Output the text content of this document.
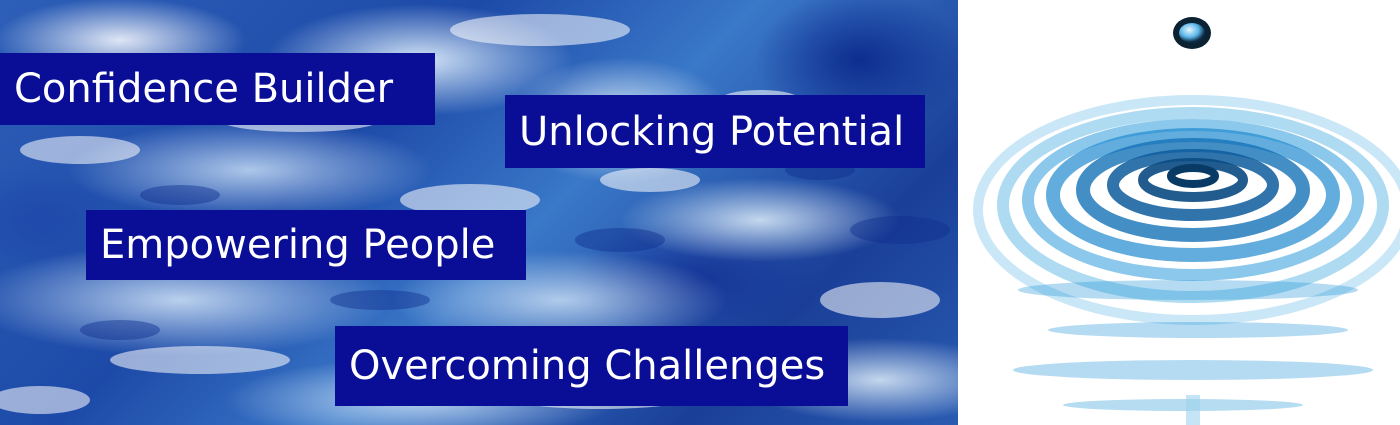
Confidence Builder
Unlocking Potential
Empowering People
Overcoming Challenges
